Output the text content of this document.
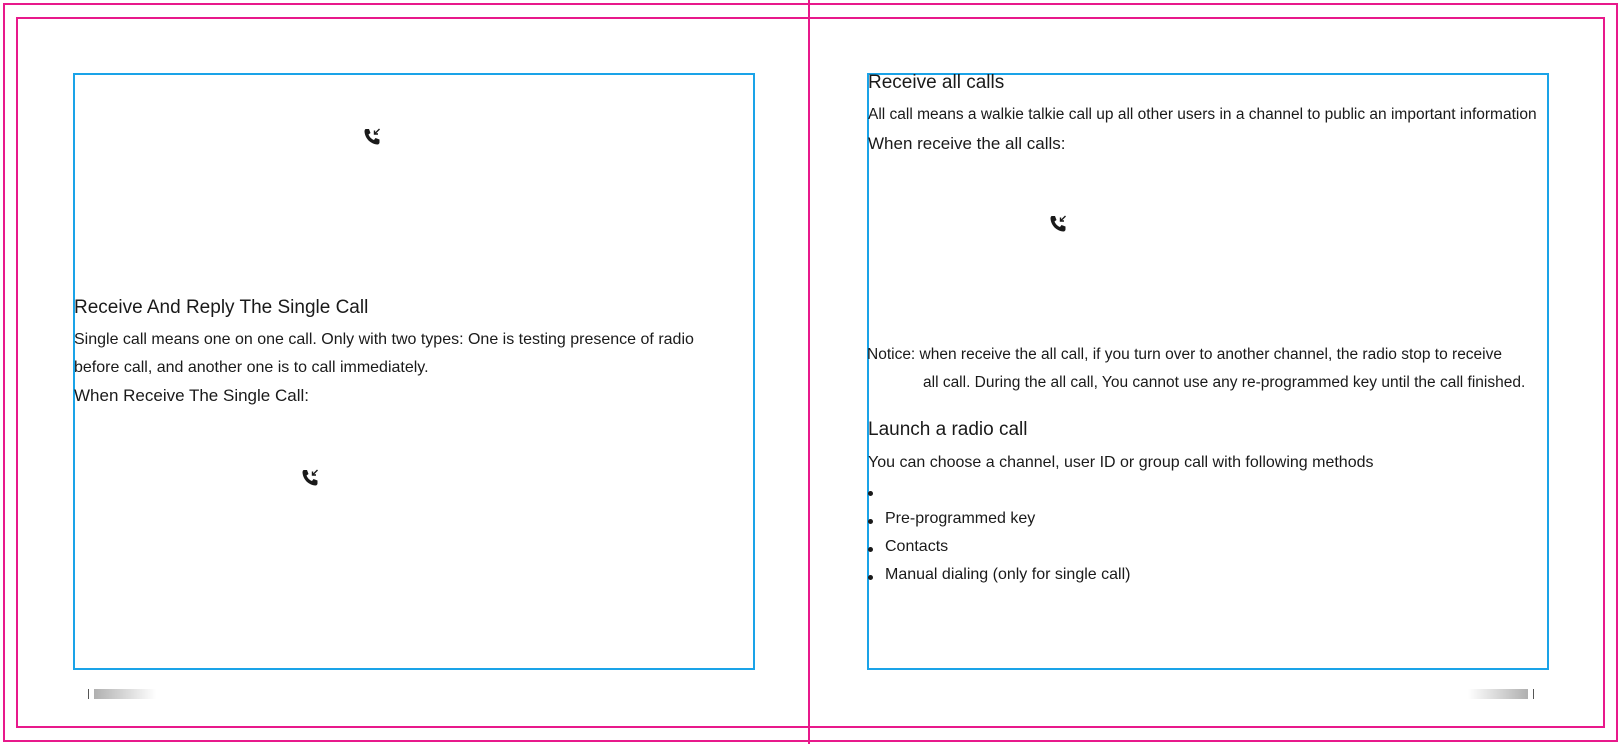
Receive And Reply The Single Call
Single call means one on one call. Only with two types: One is testing presence of radio
before call, and another one is to call immediately.
When Receive The Single Call:
Receive all calls
All call means a walkie talkie call up all other users in a channel to public an important information
When receive the all calls:
Notice: when receive the all call, if you turn over to another channel, the radio stop to receive
all call. During the all call, You cannot use any re-programmed key until the call finished.
Launch a radio call
You can choose a channel, user ID or group call with following methods
Pre-programmed key
Contacts
Manual dialing (only for single call)
